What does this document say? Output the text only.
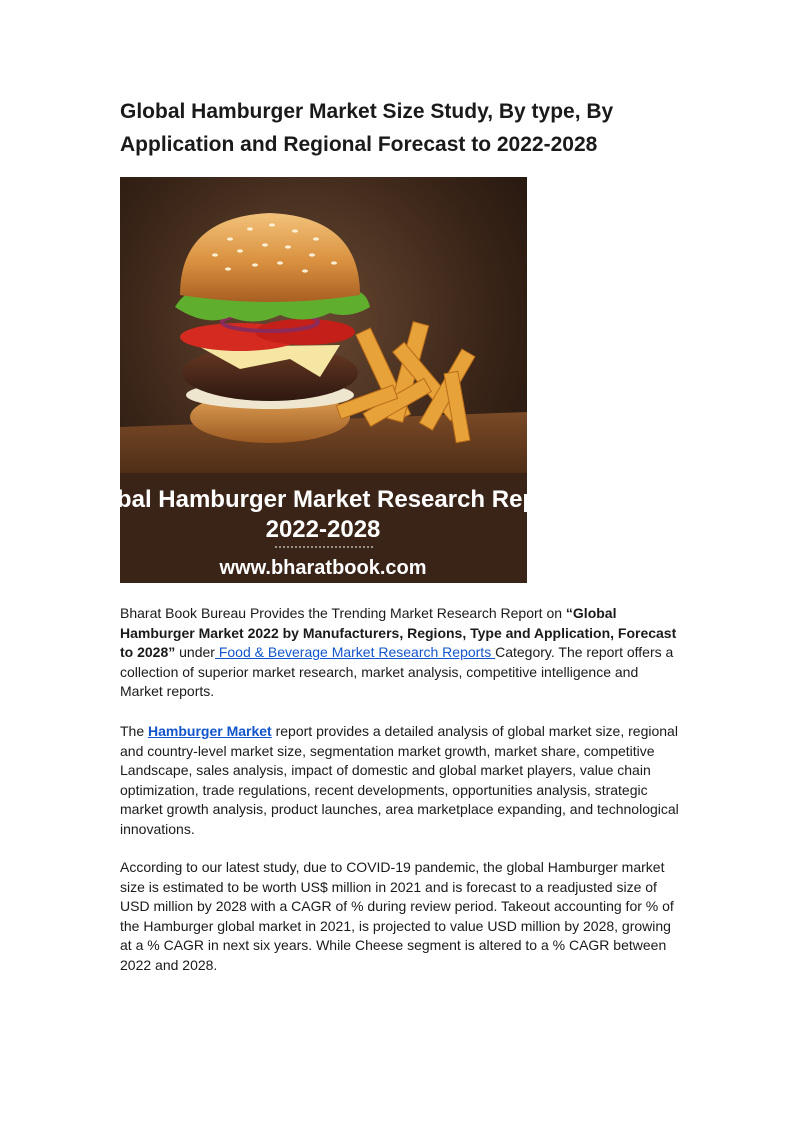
Global Hamburger Market Size Study, By type, By Application and Regional Forecast to 2022-2028
Global Hamburger Market Research Report
2022-2028
www.bharatbook.com

Bharat Book Bureau Provides the Trending Market Research Report on “Global Hamburger Market 2022 by Manufacturers, Regions, Type and Application, Forecast to 2028” under Food & Beverage Market Research Reports Category. The report offers a collection of superior market research, market analysis, competitive intelligence and Market reports.

The Hamburger Market report provides a detailed analysis of global market size, regional and country-level market size, segmentation market growth, market share, competitive Landscape, sales analysis, impact of domestic and global market players, value chain optimization, trade regulations, recent developments, opportunities analysis, strategic market growth analysis, product launches, area marketplace expanding, and technological innovations.

According to our latest study, due to COVID-19 pandemic, the global Hamburger market size is estimated to be worth US$ million in 2021 and is forecast to a readjusted size of USD million by 2028 with a CAGR of % during review period. Takeout accounting for % of the Hamburger global market in 2021, is projected to value USD million by 2028, growing at a % CAGR in next six years. While Cheese segment is altered to a % CAGR between 2022 and 2028.
